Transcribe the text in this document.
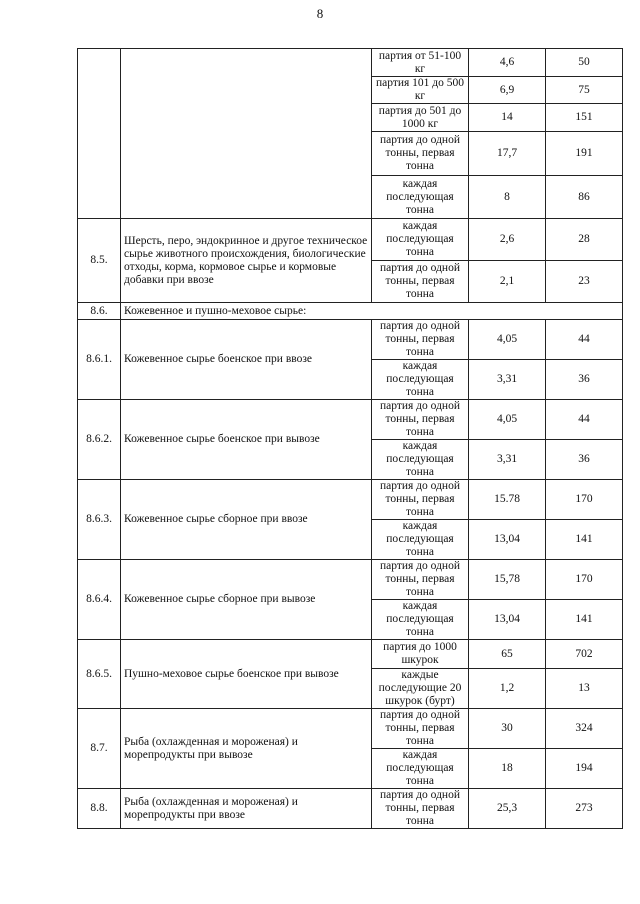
8
		партия от 51-100 кг	4,6	50
		партия 101 до 500 кг	6,9	75
		партия до 501 до 1000 кг	14	151
		партия до одной тонны, первая тонна	17,7	191
		каждая последующая тонна	8	86
8.5.	Шерсть, перо, эндокринное и другое техническое сырье животного происхождения, биологические отходы, корма, кормовое сырье и кормовые добавки при ввозе	каждая последующая тонна	2,6	28
		партия до одной тонны, первая тонна	2,1	23
8.6.	Кожевенное и пушно-меховое сырье:			
8.6.1.	Кожевенное сырье боенское при ввозе	партия до одной тонны, первая тонна	4,05	44
		каждая последующая тонна	3,31	36
8.6.2.	Кожевенное сырье боенское при вывозе	партия до одной тонны, первая тонна	4,05	44
		каждая последующая тонна	3,31	36
8.6.3.	Кожевенное сырье сборное при ввозе	партия до одной тонны, первая тонна	15.78	170
		каждая последующая тонна	13,04	141
8.6.4.	Кожевенное сырье сборное при вывозе	партия до одной тонны, первая тонна	15,78	170
		каждая последующая тонна	13,04	141
8.6.5.	Пушно-меховое сырье боенское при вывозе	партия до 1000 шкурок	65	702
		каждые последующие 20 шкурок (бурт)	1,2	13
8.7.	Рыба (охлажденная и мороженая) и морепродукты при вывозе	партия до одной тонны, первая тонна	30	324
		каждая последующая тонна	18	194
8.8.	Рыба (охлажденная и мороженая) и морепродукты при ввозе	партия до одной тонны, первая тонна	25,3	273
